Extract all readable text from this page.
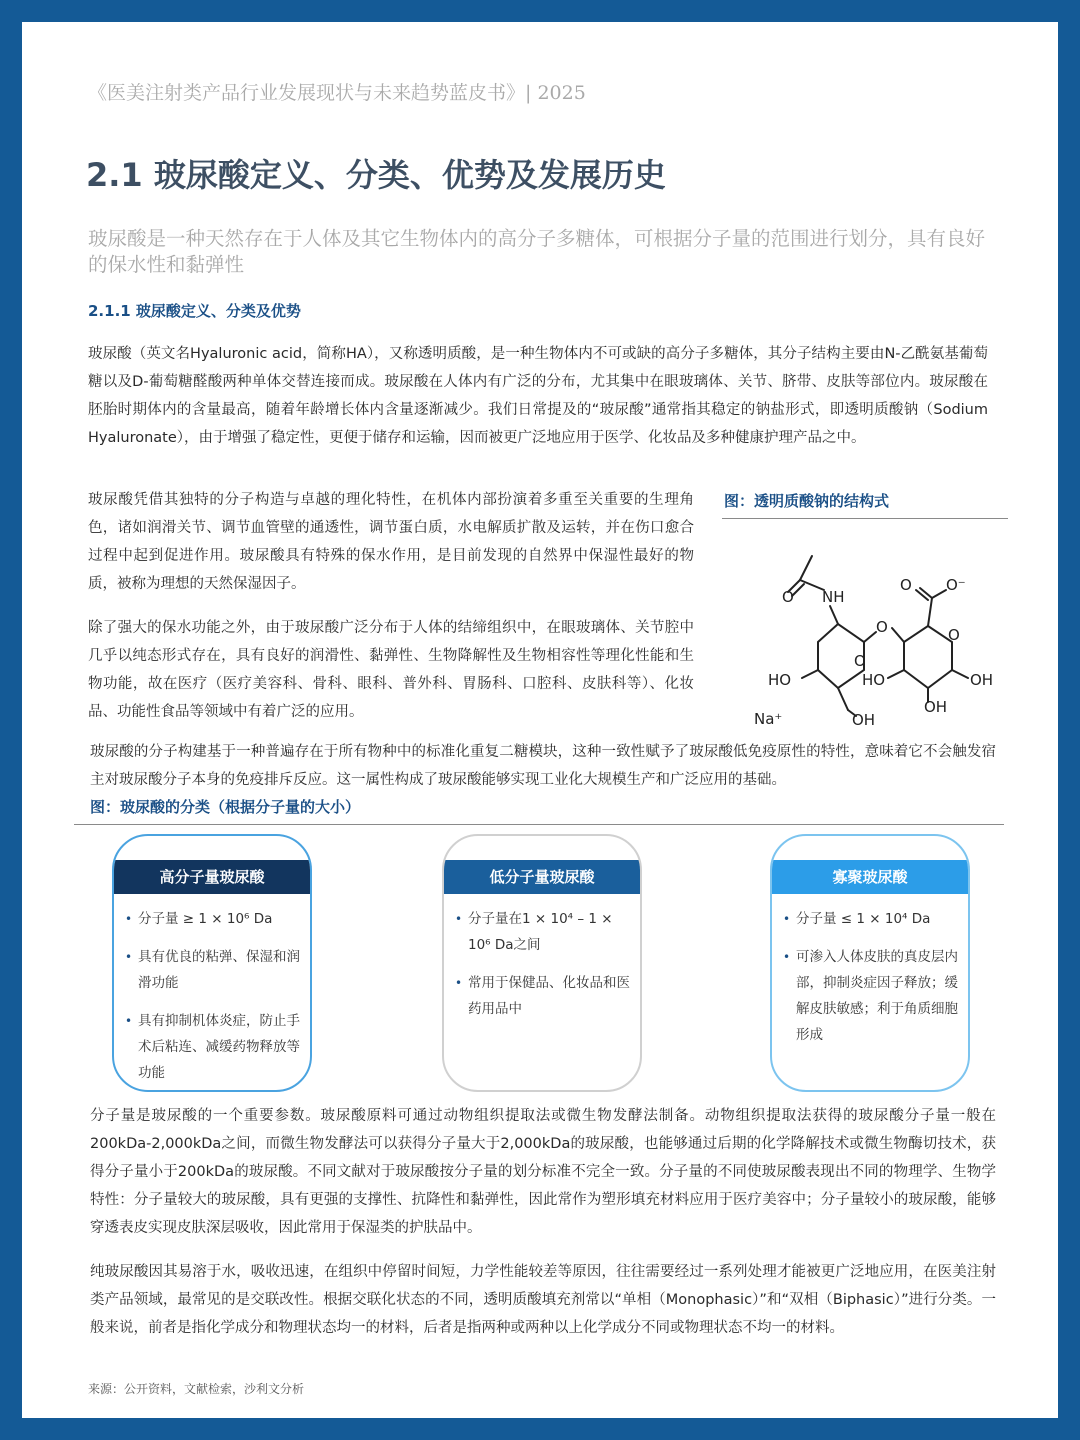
《医美注射类产品行业发展现状与未来趋势蓝皮书》| 2025
2.1 玻尿酸定义、分类、优势及发展历史
玻尿酸是一种天然存在于人体及其它生物体内的高分子多糖体，可根据分子量的范围进行划分，具有良好的保水性和黏弹性
2.1.1 玻尿酸定义、分类及优势
玻尿酸（英文名Hyaluronic acid，简称HA），又称透明质酸，是一种生物体内不可或缺的高分子多糖体，其分子结构主要由N-乙酰氨基葡萄糖以及D-葡萄糖醛酸两种单体交替连接而成。玻尿酸在人体内有广泛的分布，尤其集中在眼玻璃体、关节、脐带、皮肤等部位内。玻尿酸在胚胎时期体内的含量最高，随着年龄增长体内含量逐渐减少。我们日常提及的“玻尿酸”通常指其稳定的钠盐形式，即透明质酸钠（Sodium Hyaluronate），由于增强了稳定性，更便于储存和运输，因而被更广泛地应用于医学、化妆品及多种健康护理产品之中。
玻尿酸凭借其独特的分子构造与卓越的理化特性，在机体内部扮演着多重至关重要的生理角色，诸如润滑关节、调节血管壁的通透性，调节蛋白质，水电解质扩散及运转，并在伤口愈合过程中起到促进作用。玻尿酸具有特殊的保水作用，是目前发现的自然界中保湿性最好的物质，被称为理想的天然保湿因子。
除了强大的保水功能之外，由于玻尿酸广泛分布于人体的结缔组织中，在眼玻璃体、关节腔中几乎以纯态形式存在，具有良好的润滑性、黏弹性、生物降解性及生物相容性等理化性能和生物功能，故在医疗（医疗美容科、骨科、眼科、普外科、胃肠科、口腔科、皮肤科等）、化妆品、功能性食品等领域中有着广泛的应用。
图：透明质酸钠的结构式
O NH
O O⁻
O
O	O
HO	HO	OH
OH
OH
Na⁺
玻尿酸的分子构建基于一种普遍存在于所有物种中的标准化重复二糖模块，这种一致性赋予了玻尿酸低免疫原性的特性，意味着它不会触发宿主对玻尿酸分子本身的免疫排斥反应。这一属性构成了玻尿酸能够实现工业化大规模生产和广泛应用的基础。
图：玻尿酸的分类（根据分子量的大小）
高分子量玻尿酸
• 分子量 ≥ 1 × 10⁶ Da
• 具有优良的粘弹、保湿和润滑功能
• 具有抑制机体炎症，防止手术后粘连、减缓药物释放等功能
低分子量玻尿酸
• 分子量在1 × 10⁴ – 1 × 10⁶ Da之间
• 常用于保健品、化妆品和医药用品中
寡聚玻尿酸
• 分子量 ≤ 1 × 10⁴ Da
• 可渗入人体皮肤的真皮层内部，抑制炎症因子释放；缓解皮肤敏感；利于角质细胞形成
分子量是玻尿酸的一个重要参数。玻尿酸原料可通过动物组织提取法或微生物发酵法制备。动物组织提取法获得的玻尿酸分子量一般在200kDa-2,000kDa之间，而微生物发酵法可以获得分子量大于2,000kDa的玻尿酸，也能够通过后期的化学降解技术或微生物酶切技术，获得分子量小于200kDa的玻尿酸。不同文献对于玻尿酸按分子量的划分标准不完全一致。分子量的不同使玻尿酸表现出不同的物理学、生物学特性：分子量较大的玻尿酸，具有更强的支撑性、抗降性和黏弹性，因此常作为塑形填充材料应用于医疗美容中；分子量较小的玻尿酸，能够穿透表皮实现皮肤深层吸收，因此常用于保湿类的护肤品中。
纯玻尿酸因其易溶于水，吸收迅速，在组织中停留时间短，力学性能较差等原因，往往需要经过一系列处理才能被更广泛地应用，在医美注射类产品领域，最常见的是交联改性。根据交联化状态的不同，透明质酸填充剂常以“单相（Monophasic）”和“双相（Biphasic）”进行分类。一般来说，前者是指化学成分和物理状态均一的材料，后者是指两种或两种以上化学成分不同或物理状态不均一的材料。
来源：公开资料，文献检索，沙利文分析
